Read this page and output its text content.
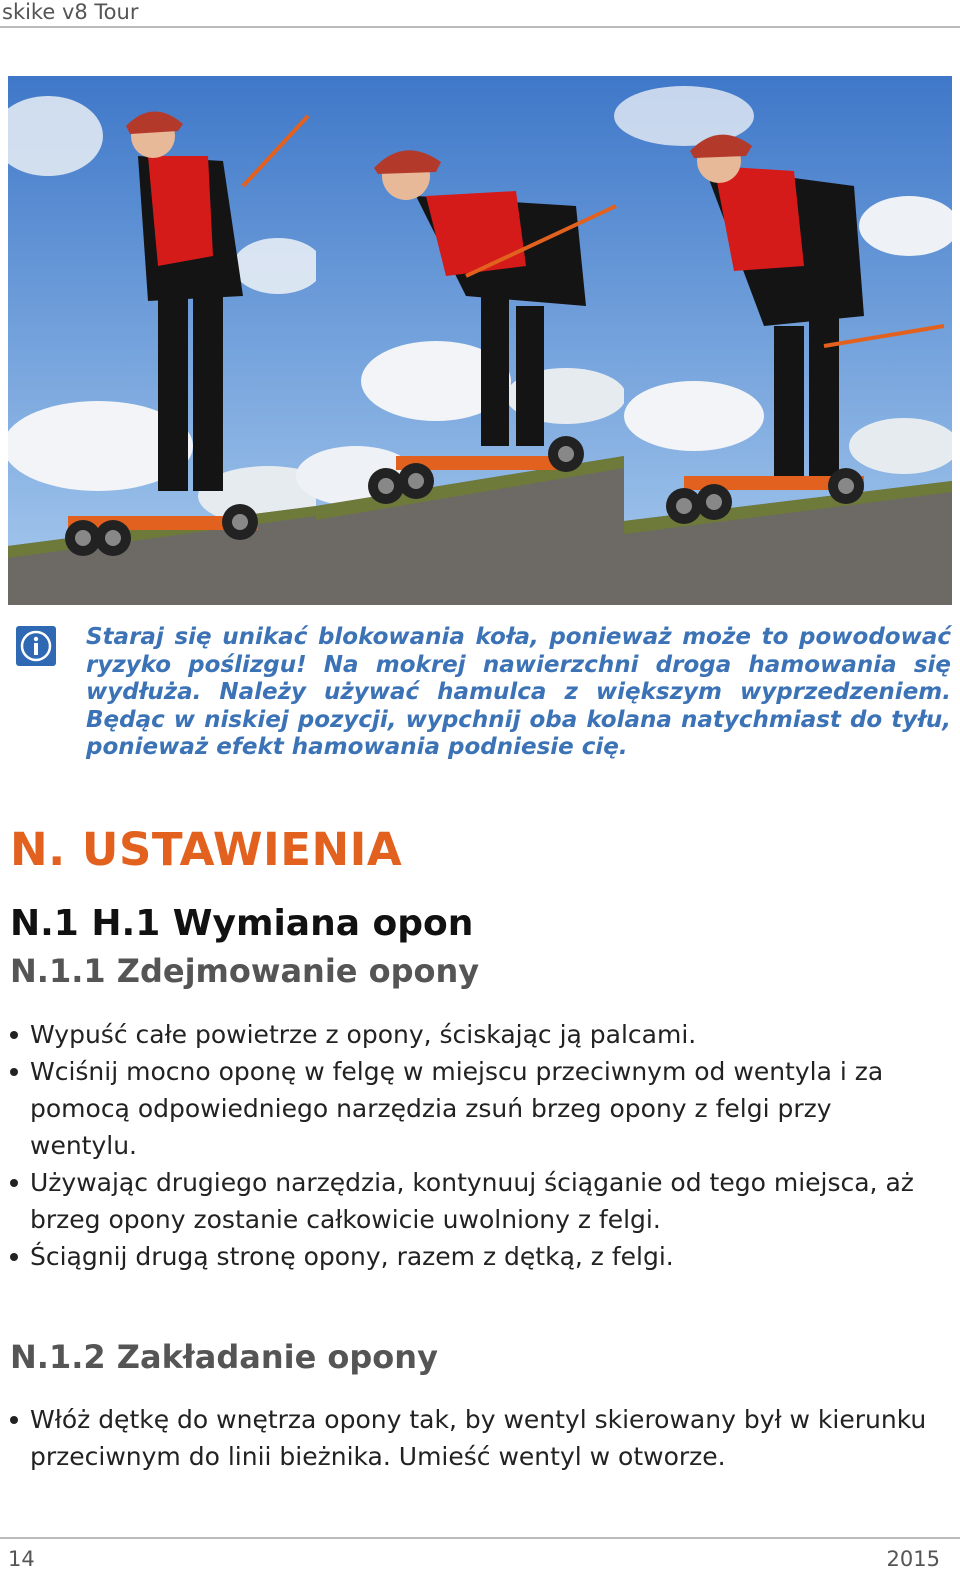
skike v8 Tour
Staraj się unikać blokowania koła, ponieważ może to powodować ryzyko poślizgu! Na mokrej nawierzchni droga hamowania się wydłuża. Należy używać hamulca z większym wyprzedzeniem. Będąc w niskiej pozycji, wypchnij oba kolana natychmiast do tyłu, ponieważ efekt hamowania podniesie cię.
N. USTAWIENIA
N.1 H.1 Wymiana opon
N.1.1 Zdejmowanie opony
Wypuść całe powietrze z opony, ściskając ją palcami.
Wciśnij mocno oponę w felgę w miejscu przeciwnym od wentyla i za pomocą odpowiedniego narzędzia zsuń brzeg opony z felgi przy wentylu.
Używając drugiego narzędzia, kontynuuj ściąganie od tego miejsca, aż brzeg opony zostanie całkowicie uwolniony z felgi.
Ściągnij drugą stronę opony, razem z dętką, z felgi.
N.1.2 Zakładanie opony
Włóż dętkę do wnętrza opony tak, by wentyl skierowany był w kierunku przeciwnym do linii bieżnika. Umieść wentyl w otworze.
14	2015
